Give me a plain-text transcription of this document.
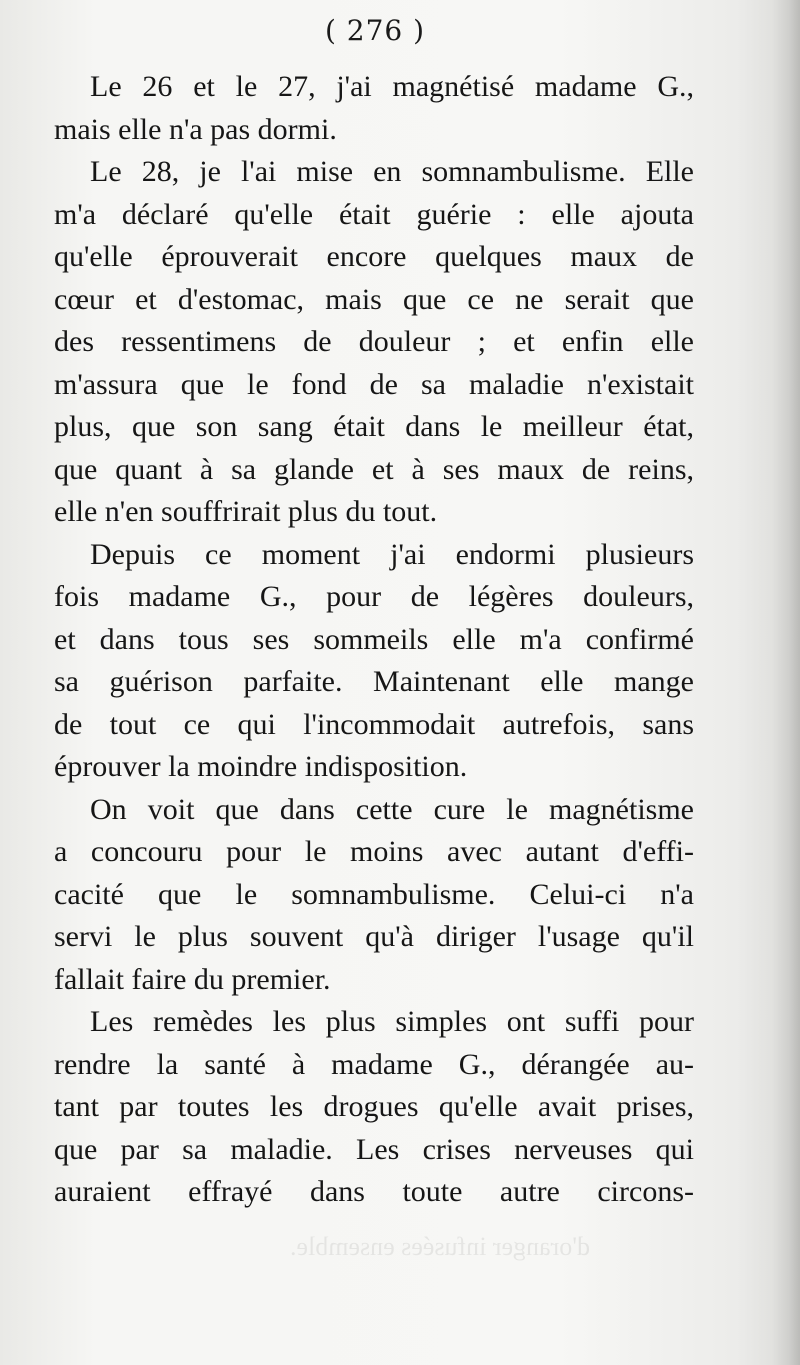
d'oranger infusées ensemble.
( 276 )

Le 26 et le 27, j'ai magnétisé madame G.,
mais elle n'a pas dormi.

Le 28, je l'ai mise en somnambulisme. Elle
m'a déclaré qu'elle était guérie : elle ajouta
qu'elle éprouverait encore quelques maux de
cœur et d'estomac, mais que ce ne serait que
des ressentimens de douleur ; et enfin elle
m'assura que le fond de sa maladie n'existait
plus, que son sang était dans le meilleur état,
que quant à sa glande et à ses maux de reins,
elle n'en souffrirait plus du tout.

Depuis ce moment j'ai endormi plusieurs
fois madame G., pour de légères douleurs,
et dans tous ses sommeils elle m'a confirmé
sa guérison parfaite. Maintenant elle mange
de tout ce qui l'incommodait autrefois, sans
éprouver la moindre indisposition.

On voit que dans cette cure le magnétisme
a concouru pour le moins avec autant d'effi-
cacité que le somnambulisme. Celui-ci n'a
servi le plus souvent qu'à diriger l'usage qu'il
fallait faire du premier.

Les remèdes les plus simples ont suffi pour
rendre la santé à madame G., dérangée au-
tant par toutes les drogues qu'elle avait prises,
que par sa maladie. Les crises nerveuses qui
auraient effrayé dans toute autre circons-
